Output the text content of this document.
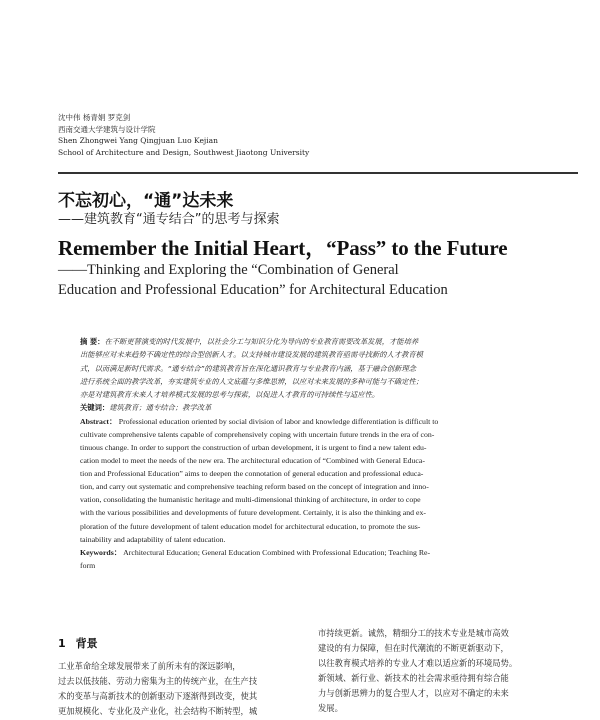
沈中伟 杨青娟 罗克剑
西南交通大学建筑与设计学院
Shen Zhongwei Yang Qingjuan Luo Kejian
School of Architecture and Design, Southwest Jiaotong University
不忘初心，“通”达未来
——建筑教育“通专结合”的思考与探索
Remember the Initial Heart，“Pass” to the Future
——Thinking and Exploring the “Combination of General
Education and Professional Education” for Architectural Education
摘 要：在不断更替演变的时代发展中，以社会分工与知识分化为导向的专业教育需要改革发展，才能培养
出能够应对未来趋势不确定性的综合型创新人才。以支持城市建设发展的建筑教育亟需寻找新的人才教育模
式，以而满足新时代需求。“通专结合”的建筑教育旨在深化通识教育与专业教育内涵，基于融合创新理念
进行系统全面的教学改革，夯实建筑专业的人文底蕴与多维思辨，以应对未来发展的多种可能与不确定性；
亦是对建筑教育未来人才培养模式发展的思考与探索，以促进人才教育的可持续性与适应性。
关键词：建筑教育；通专结合；教学改革
Abstract： Professional education oriented by social division of labor and knowledge differentiation is difficult to
cultivate comprehensive talents capable of comprehensively coping with uncertain future trends in the era of con-
tinuous change. In order to support the construction of urban development, it is urgent to find a new talent edu-
cation model to meet the needs of the new era. The architectural education of “Combined with General Educa-
tion and Professional Education” aims to deepen the connotation of general education and professional educa-
tion, and carry out systematic and comprehensive teaching reform based on the concept of integration and inno-
vation, consolidating the humanistic heritage and multi-dimensional thinking of architecture, in order to cope
with the various possibilities and developments of future development. Certainly, it is also the thinking and ex-
ploration of the future development of talent education model for architectural education, to promote the sus-
tainability and adaptability of talent education.
Keywords： Architectural Education; General Education Combined with Professional Education; Teaching Re-
form
1 背景
工业革命给全球发展带来了前所未有的深远影响，
过去以低技能、劳动力密集为主的传统产业，在生产技
术的变革与高新技术的创新驱动下逐渐得到改变，使其
更加规模化、专业化及产业化，社会结构不断转型，城
市持续更新。诚然，精细分工的技术专业是城市高效
建设的有力保障，但在时代潮流的不断更新驱动下，
以往教育模式培养的专业人才难以适应新的环境局势。
新领域、新行业、新技术的社会需求亟待拥有综合能
力与创新思辨力的复合型人才，以应对不确定的未来
发展。
